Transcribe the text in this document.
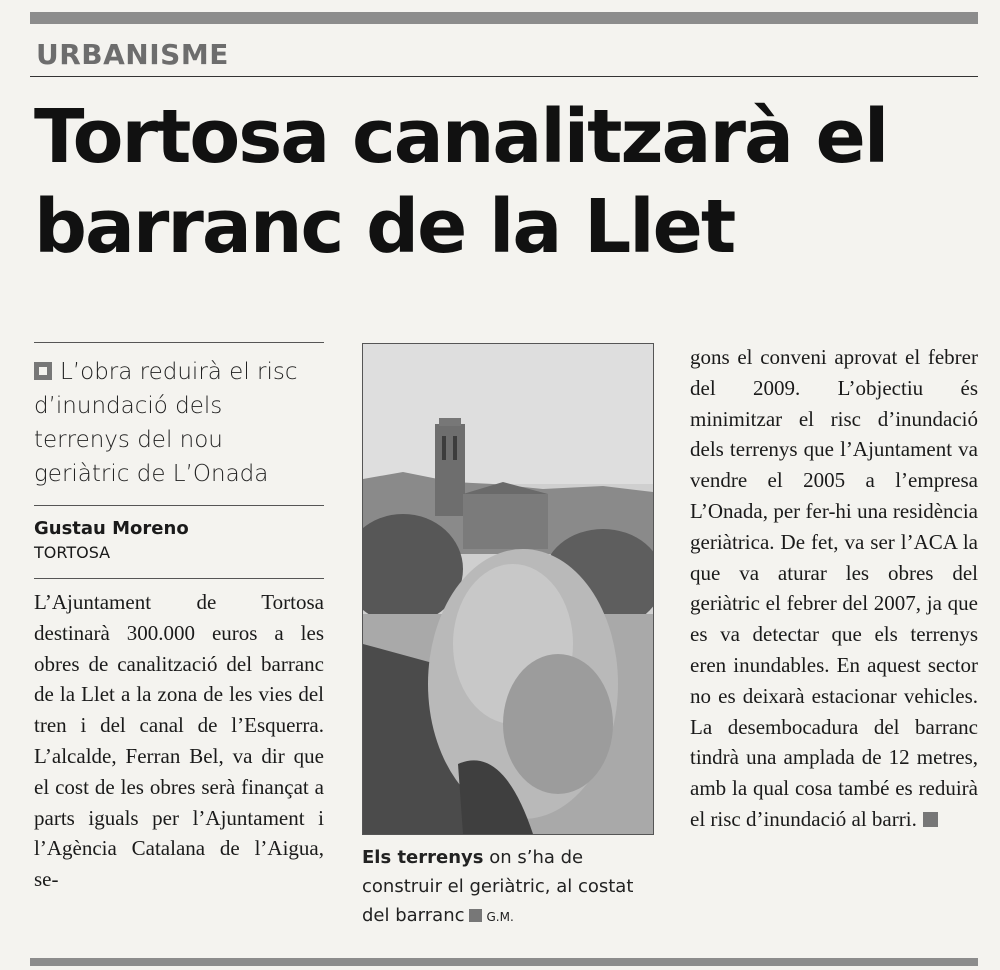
URBANISME
Tortosa canalitzarà el barranc de la Llet
L’obra reduirà el risc d’inundació dels terrenys del nou geriàtric de L’Onada
Gustau Moreno
TORTOSA
L’Ajuntament de Tortosa destinarà 300.000 euros a les obres de canalització del barranc de la Llet a la zona de les vies del tren i del canal de l’Esquerra. L’alcalde, Ferran Bel, va dir que el cost de les obres serà finançat a parts iguals per l’Ajuntament i l’Agència Catalana de l’Aigua, se-
Els terrenys on s’ha de construir el geriàtric, al costat del barranc G.M.
gons el conveni aprovat el febrer del 2009. L’objectiu és minimitzar el risc d’inundació dels terrenys que l’Ajuntament va vendre el 2005 a l’empresa L’Onada, per fer-hi una residència geriàtrica. De fet, va ser l’ACA la que va aturar les obres del geriàtric el febrer del 2007, ja que es va detectar que els terrenys eren inundables. En aquest sector no es deixarà estacionar vehicles. La desembocadura del barranc tindrà una amplada de 12 metres, amb la qual cosa també es reduirà el risc d’inundació al barri.
